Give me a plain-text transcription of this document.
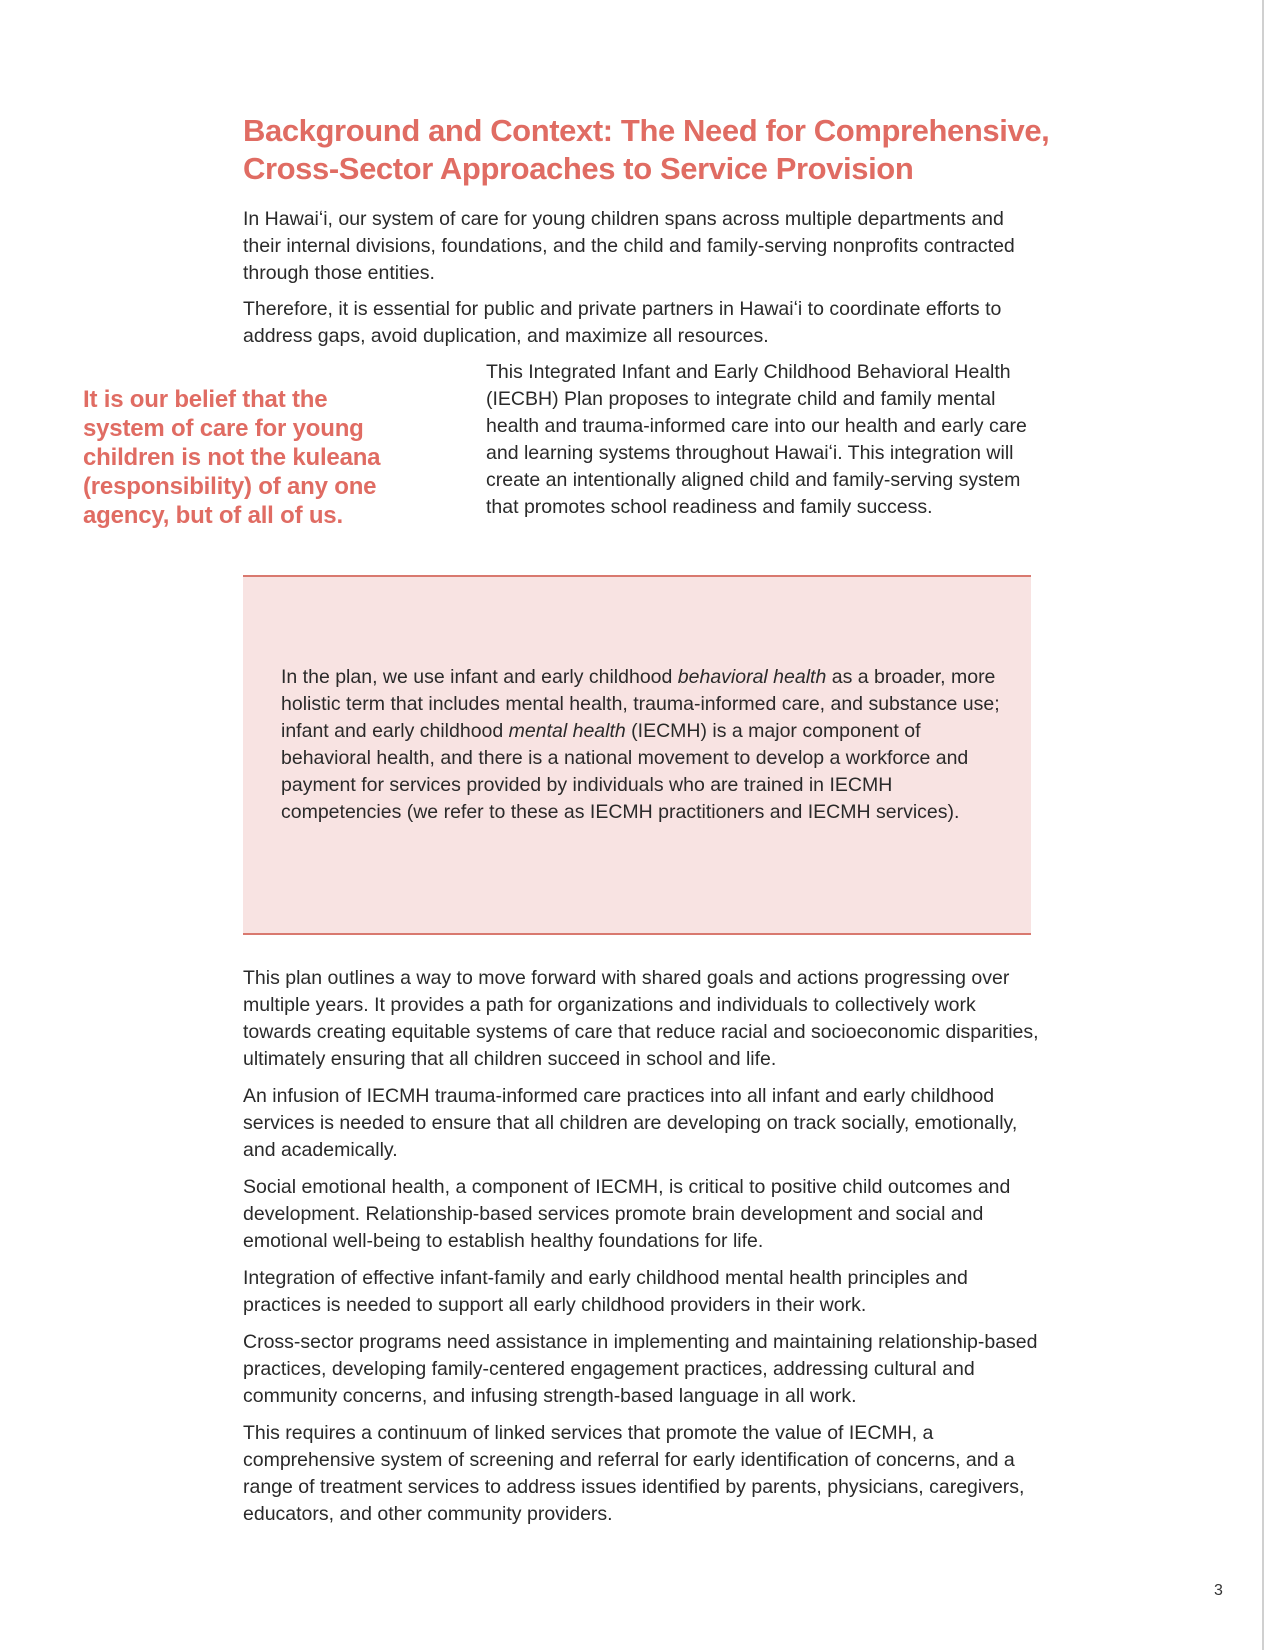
Background and Context: The Need for Comprehensive,
Cross-Sector Approaches to Service Provision

In Hawaiʻi, our system of care for young children spans across multiple departments and their internal divisions, foundations, and the child and family-serving nonprofits contracted through those entities.

Therefore, it is essential for public and private partners in Hawaiʻi to coordinate efforts to address gaps, avoid duplication, and maximize all resources.

It is our belief that the system of care for young children is not the kuleana (responsibility) of any one agency, but of all of us.

This Integrated Infant and Early Childhood Behavioral Health (IECBH) Plan proposes to integrate child and family mental health and trauma-informed care into our health and early care and learning systems throughout Hawaiʻi. This integration will create an intentionally aligned child and family-serving system that promotes school readiness and family success.

In the plan, we use infant and early childhood behavioral health as a broader, more holistic term that includes mental health, trauma-informed care, and substance use; infant and early childhood mental health (IECMH) is a major component of behavioral health, and there is a national movement to develop a workforce and payment for services provided by individuals who are trained in IECMH competencies (we refer to these as IECMH practitioners and IECMH services).

This plan outlines a way to move forward with shared goals and actions progressing over multiple years. It provides a path for organizations and individuals to collectively work towards creating equitable systems of care that reduce racial and socioeconomic disparities, ultimately ensuring that all children succeed in school and life.

An infusion of IECMH trauma-informed care practices into all infant and early childhood services is needed to ensure that all children are developing on track socially, emotionally, and academically.

Social emotional health, a component of IECMH, is critical to positive child outcomes and development. Relationship-based services promote brain development and social and emotional well-being to establish healthy foundations for life.

Integration of effective infant-family and early childhood mental health principles and practices is needed to support all early childhood providers in their work.

Cross-sector programs need assistance in implementing and maintaining relationship-based practices, developing family-centered engagement practices, addressing cultural and community concerns, and infusing strength-based language in all work.

This requires a continuum of linked services that promote the value of IECMH, a comprehensive system of screening and referral for early identification of concerns, and a range of treatment services to address issues identified by parents, physicians, caregivers, educators, and other community providers.

3
